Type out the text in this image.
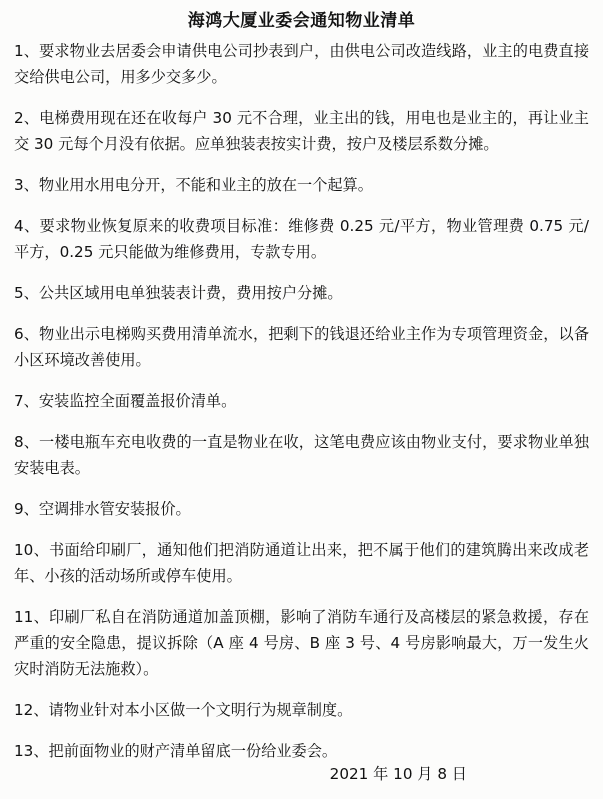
海鸿大厦业委会通知物业清单
1、要求物业去居委会申请供电公司抄表到户，由供电公司改造线路，业主的电费直接交给供电公司，用多少交多少。
2、电梯费用现在还在收每户 30 元不合理，业主出的钱，用电也是业主的，再让业主交 30 元每个月没有依据。应单独装表按实计费，按户及楼层系数分摊。
3、物业用水用电分开，不能和业主的放在一个起算。
4、要求物业恢复原来的收费项目标准：维修费 0.25 元/平方，物业管理费 0.75 元/平方，0.25 元只能做为维修费用，专款专用。
5、公共区域用电单独装表计费，费用按户分摊。
6、物业出示电梯购买费用清单流水，把剩下的钱退还给业主作为专项管理资金，以备小区环境改善使用。
7、安装监控全面覆盖报价清单。
8、一楼电瓶车充电收费的一直是物业在收，这笔电费应该由物业支付，要求物业单独安装电表。
9、空调排水管安装报价。
10、书面给印刷厂，通知他们把消防通道让出来，把不属于他们的建筑腾出来改成老年、小孩的活动场所或停车使用。
11、印刷厂私自在消防通道加盖顶棚，影响了消防车通行及高楼层的紧急救援，存在严重的安全隐患，提议拆除（A 座 4 号房、B 座 3 号、4 号房影响最大，万一发生火灾时消防无法施救）。
12、请物业针对本小区做一个文明行为规章制度。
13、把前面物业的财产清单留底一份给业委会。
2021 年 10 月 8 日
